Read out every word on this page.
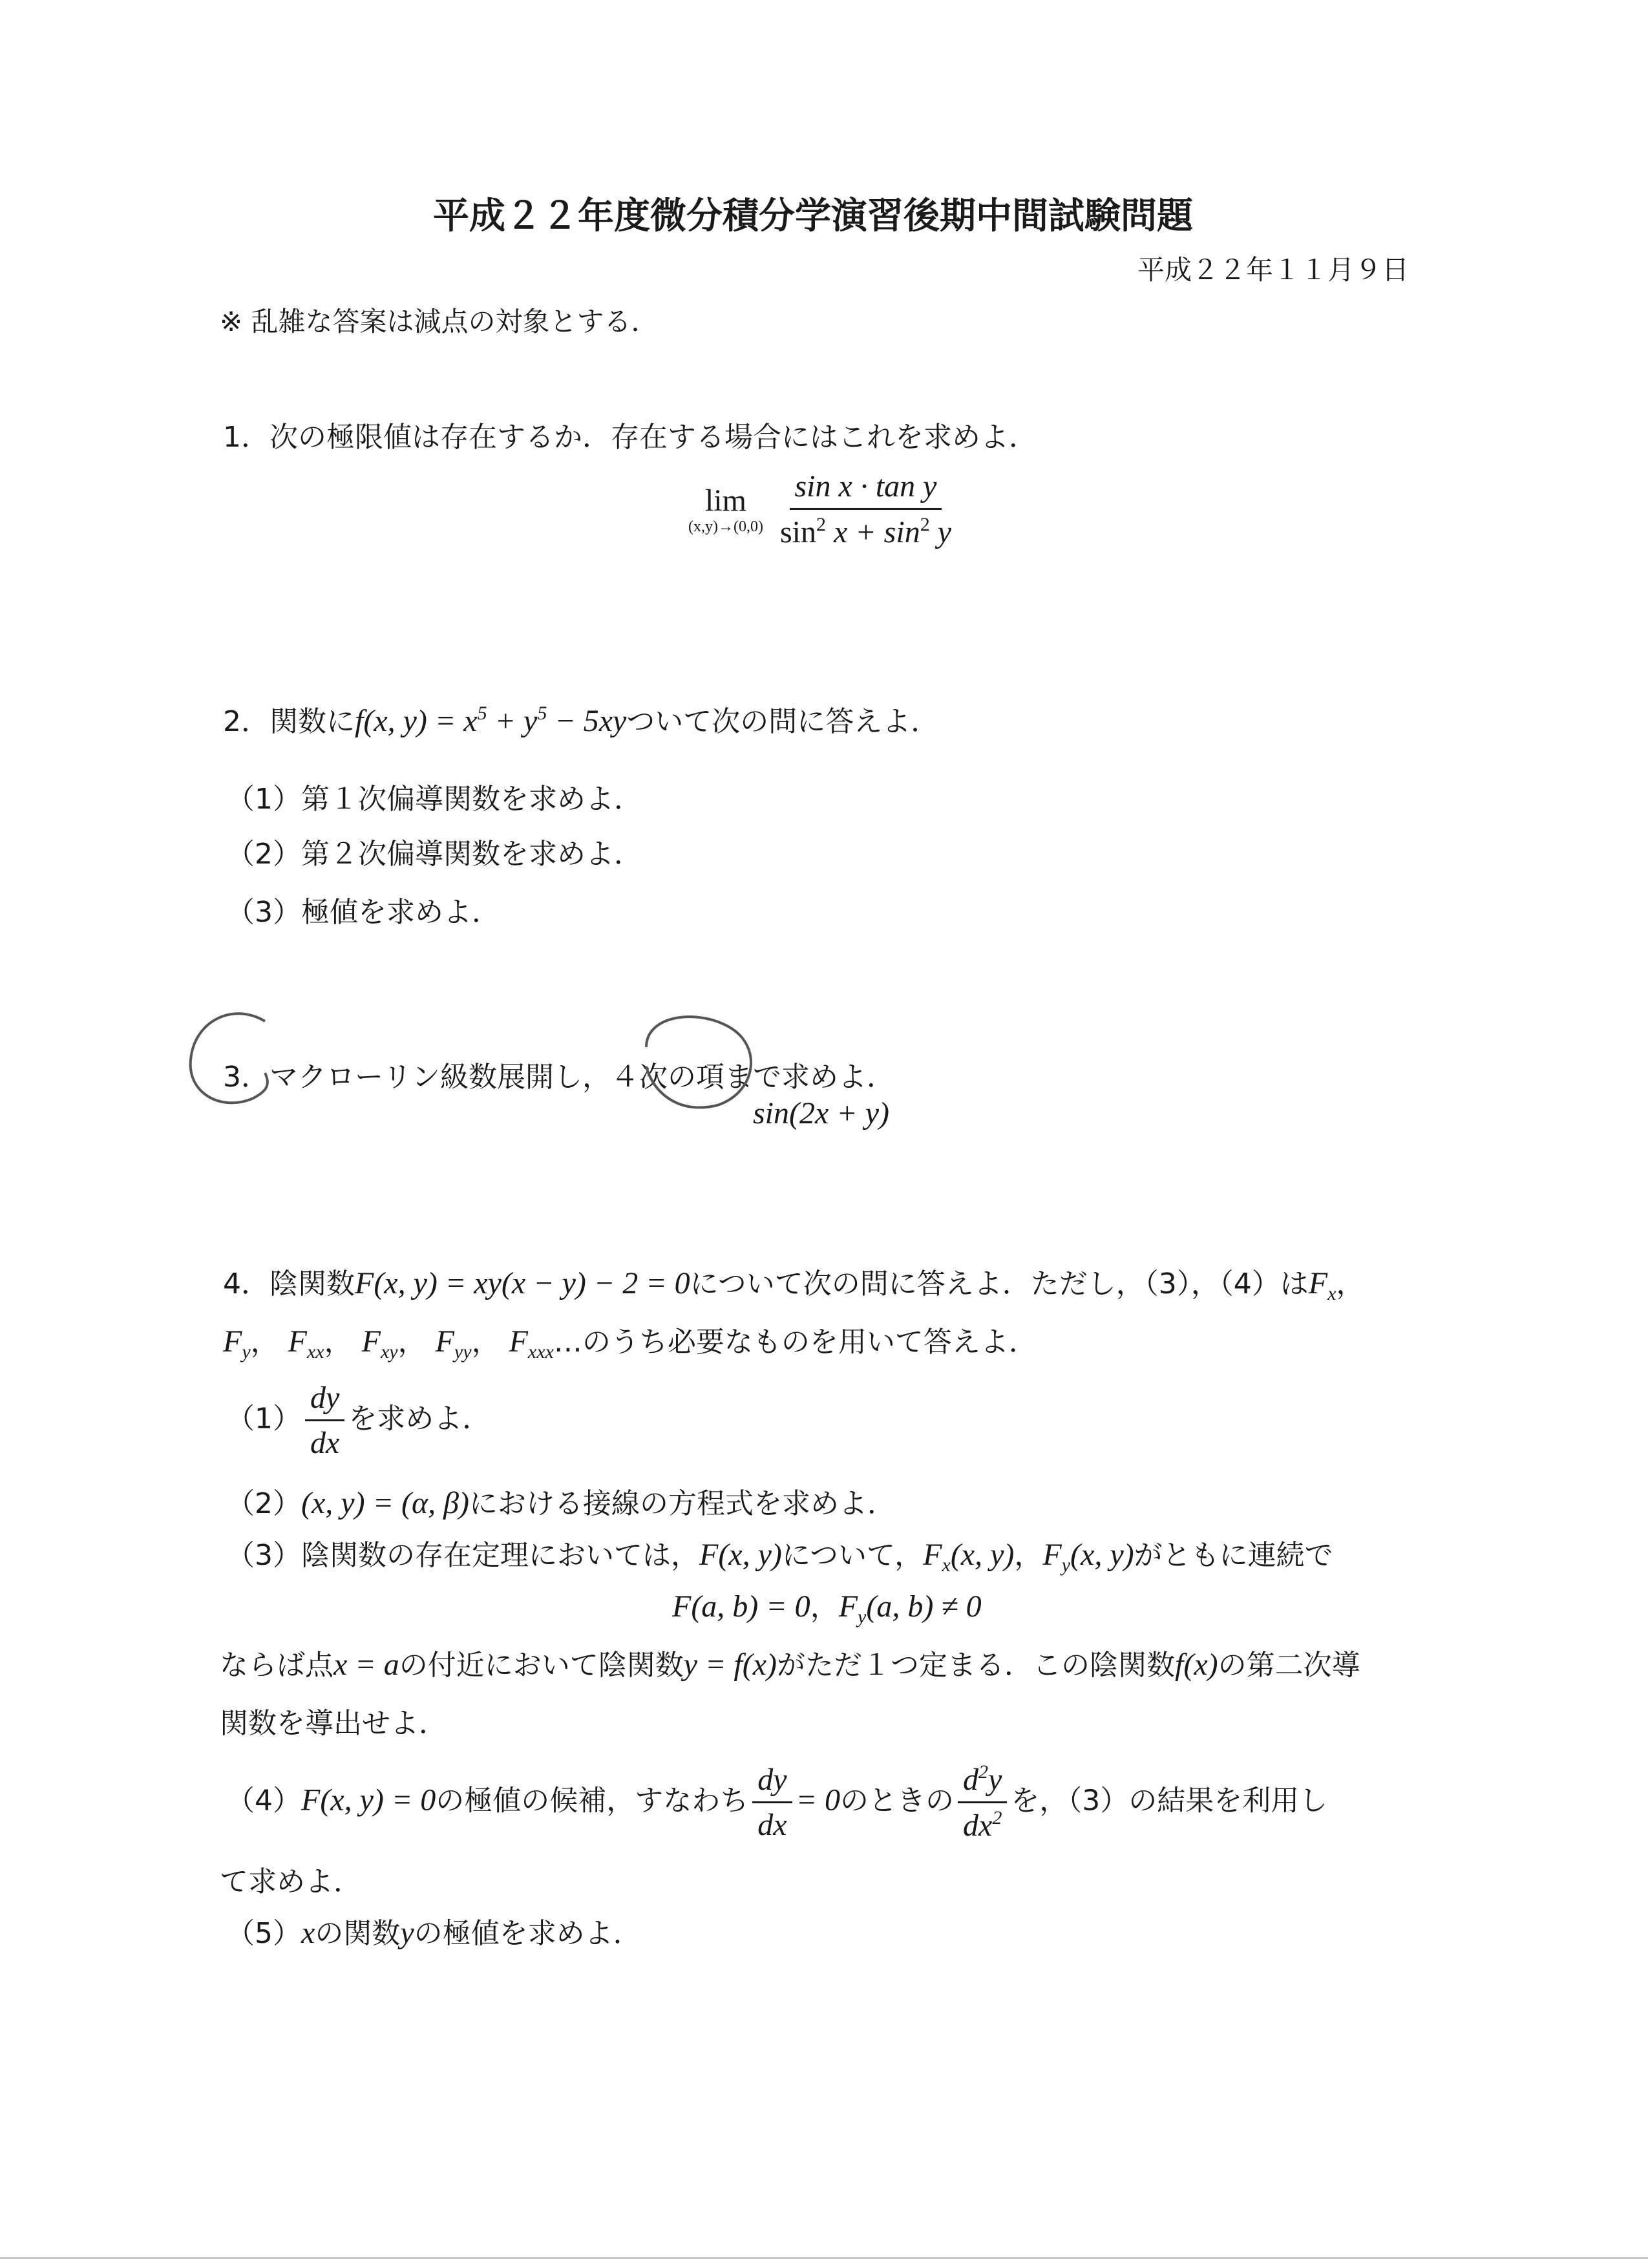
平成２２年度微分積分学演習後期中間試験問題
平成２２年１１月９日
※ 乱雑な答案は減点の対象とする．
1．次の極限値は存在するか．存在する場合にはこれを求めよ．
lim
(x,y)→(0,0)
$\frac{\text{sin x · tan y}}{\sin^2 x + \sin^2 y}$
2．関数にf(x, $y) = x^5 + y^5 - 5xy$ついて次の問に答えよ．
（1）第１次偏導関数を求めよ．
（2）第２次偏導関数を求めよ．
（3）極値を求めよ．
3．マクローリン級数展開し，４次の項まで求めよ．
sin(2x + y)
4．陰関数F(x, y) = xy(x − y) − 2 = 0について次の問に答えよ．ただし，（3），（4）は$F_x$，
$F_y$， $F_{xx}$， $F_{xy}$， $F_{yy}$， $F_{xxx}\dots$のうち必要なものを用いて答えよ．
$(1) \frac{dy}{dx}$ を求めよ．
（2）(x, y) = (α, β)における接線の方程式を求めよ．
（3）陰関数の存在定理においては，F(x, y)について，$F_x(x$, y)，$F_y(x$, y)がともに連続で
F(a, b) = 0，$F_y(a$, b) ≠ 0
ならば点x = aの付近において陰関数y = f(x)がただ１つ定まる．この陰関数f(x)の第二次導
関数を導出せよ．
（4）F(x, y) = 0の極値の候補，すなわち $\frac{dy}{dx} = 0$のときの $\frac{d^2y}{dx^2}$ を，（3）の結果を利用し
て求めよ．
（5）xの関数yの極値を求めよ．
